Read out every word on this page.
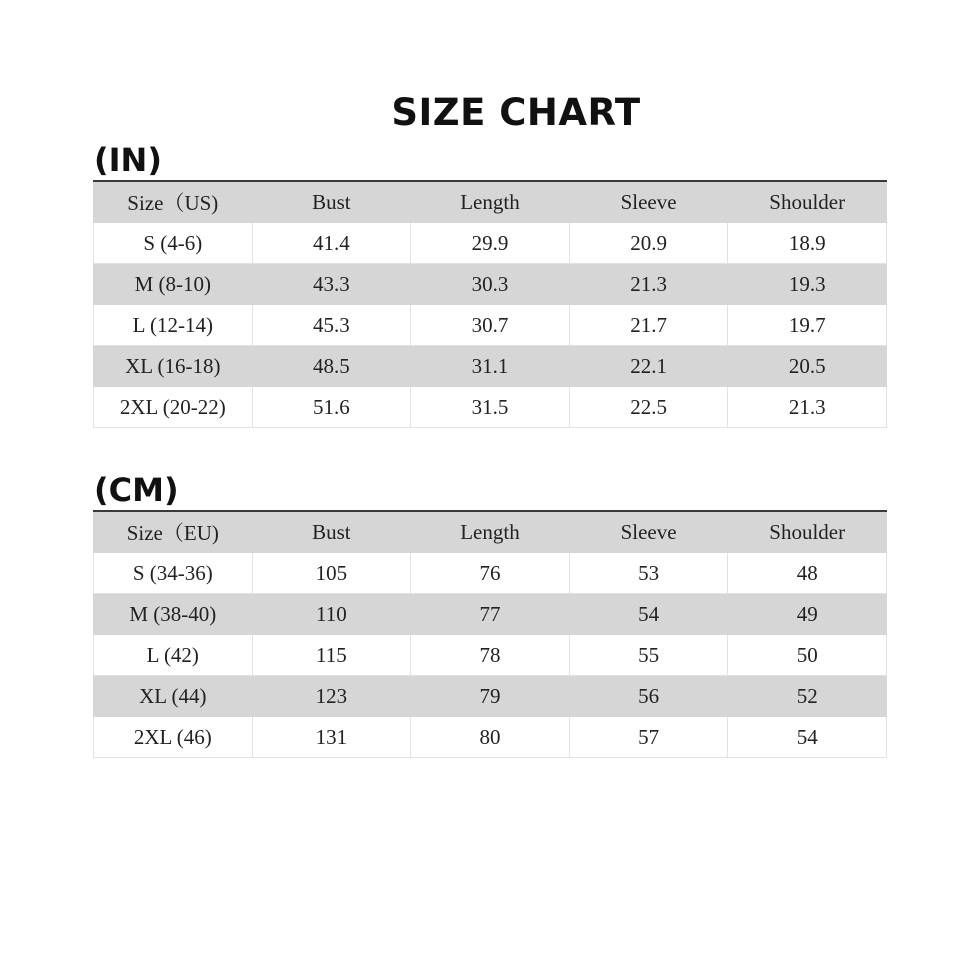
SIZE CHART
(IN)
Size（US)	Bust	Length	Sleeve	Shoulder
S (4-6)	41.4	29.9	20.9	18.9
M (8-10)	43.3	30.3	21.3	19.3
L (12-14)	45.3	30.7	21.7	19.7
XL (16-18)	48.5	31.1	22.1	20.5
2XL (20-22)	51.6	31.5	22.5	21.3
(CM)
Size（EU)	Bust	Length	Sleeve	Shoulder
S (34-36)	105	76	53	48
M (38-40)	110	77	54	49
L (42)	115	78	55	50
XL (44)	123	79	56	52
2XL (46)	131	80	57	54
